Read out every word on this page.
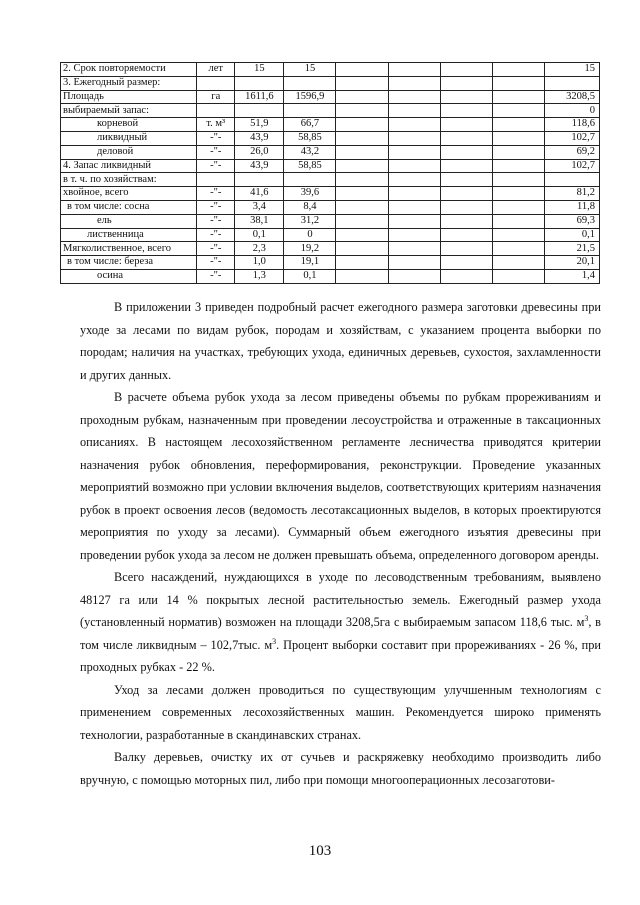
2. Срок повторяемости	лет	15	15					15
3. Ежегодный размер:								
Площадь	га	1611,6	1596,9					3208,5
выбираемый запас:								0
корневой	т. м³	51,9	66,7					118,6
ликвидный	-"-	43,9	58,85					102,7
деловой	-"-	26,0	43,2					69,2
4. Запас ликвидный	-"-	43,9	58,85					102,7
в т. ч. по хозяйствам:								
хвойное, всего	-"-	41,6	39,6					81,2
в том числе: сосна	-"-	3,4	8,4					11,8
ель	-"-	38,1	31,2					69,3
лиственница	-"-	0,1	0					0,1
Мягколиственное, всего	-"-	2,3	19,2					21,5
в том числе: береза	-"-	1,0	19,1					20,1
осина	-"-	1,3	0,1					1,4

В приложении 3 приведен подробный расчет ежегодного размера заготовки древесины при уходе за лесами по видам рубок, породам и хозяйствам, с указанием процента выборки по породам; наличия на участках, требующих ухода, единичных деревьев, сухостоя, захламленности и других данных.

В расчете объема рубок ухода за лесом приведены объемы по рубкам прореживаниям и проходным рубкам, назначенным при проведении лесоустройства и отраженные в таксационных описаниях. В настоящем лесохозяйственном регламенте лесничества приводятся критерии назначения рубок обновления, переформирования, реконструкции. Проведение указанных мероприятий возможно при условии включения выделов, соответствующих критериям назначения рубок в проект освоения лесов (ведомость лесотаксационных выделов, в которых проектируются мероприятия по уходу за лесами). Суммарный объем ежегодного изъятия древесины при проведении рубок ухода за лесом не должен превышать объема, определенного договором аренды.

Всего насаждений, нуждающихся в уходе по лесоводственным требованиям, выявлено 48127 га или 14 % покрытых лесной растительностью земель. Ежегодный размер ухода (установленный норматив) возможен на площади 3208,5га с выбираемым запасом 118,6 тыс. $м^3$, в том числе ликвидным – 102,7тыс. $м^3$. Процент выборки составит при прореживаниях - 26 %, при проходных рубках - 22 %.

Уход за лесами должен проводиться по существующим улучшенным технологиям с применением современных лесохозяйственных машин. Рекомендуется широко применять технологии, разработанные в скандинавских странах.

Валку деревьев, очистку их от сучьев и раскряжевку необходимо производить либо вручную, с помощью моторных пил, либо при помощи многооперационных лесозаготови-

103
